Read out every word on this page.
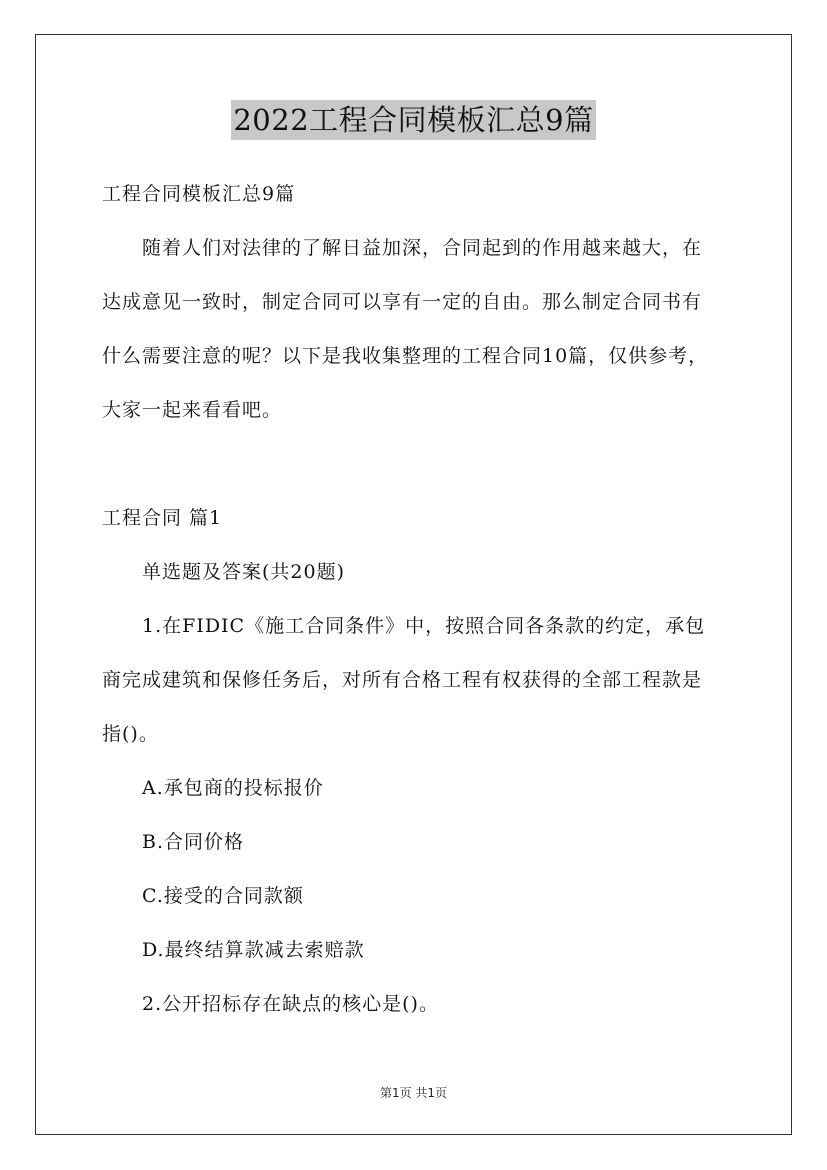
2022工程合同模板汇总9篇
工程合同模板汇总9篇
随着人们对法律的了解日益加深，合同起到的作用越来越大，在
达成意见一致时，制定合同可以享有一定的自由。那么制定合同书有
什么需要注意的呢？以下是我收集整理的工程合同10篇，仅供参考，
大家一起来看看吧。
工程合同 篇1
单选题及答案(共20题)
1.在FIDIC《施工合同条件》中，按照合同各条款的约定，承包
商完成建筑和保修任务后，对所有合格工程有权获得的全部工程款是
指()。
A.承包商的投标报价
B.合同价格
C.接受的合同款额
D.最终结算款减去索赔款
2.公开招标存在缺点的核心是()。
第1页 共1页
